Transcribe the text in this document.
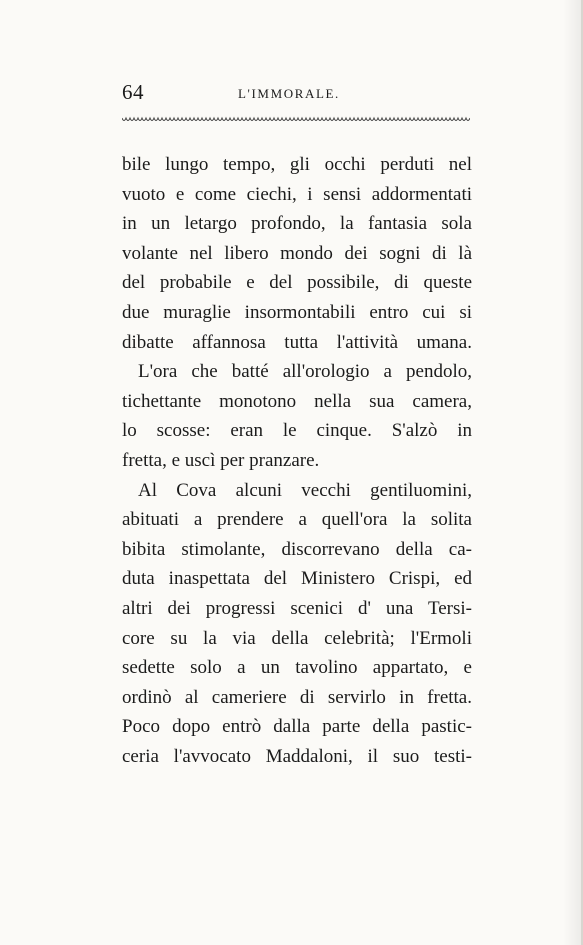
64	L'IMMORALE.

bile lungo tempo, gli occhi perduti nel
vuoto e come ciechi, i sensi addormentati
in un letargo profondo, la fantasia sola
volante nel libero mondo dei sogni di là
del probabile e del possibile, di queste
due muraglie insormontabili entro cui si
dibatte affannosa tutta l'attività umana.

L'ora che batté all'orologio a pendolo,
tichettante monotono nella sua camera,
lo scosse: eran le cinque. S'alzò in
fretta, e uscì per pranzare.

Al Cova alcuni vecchi gentiluomini,
abituati a prendere a quell'ora la solita
bibita stimolante, discorrevano della ca-
duta inaspettata del Ministero Crispi, ed
altri dei progressi scenici d' una Tersi-
core su la via della celebrità; l'Ermoli
sedette solo a un tavolino appartato, e
ordinò al cameriere di servirlo in fretta.
Poco dopo entrò dalla parte della pastic-
ceria l'avvocato Maddaloni, il suo testi-
